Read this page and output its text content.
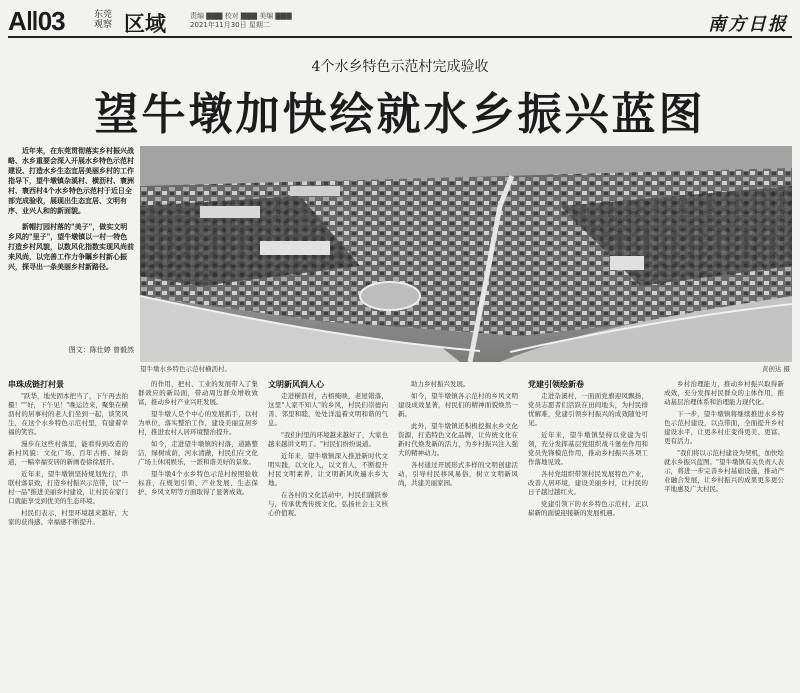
A‖03	东莞观察 区域	责编 ▇▇▇ 校对 ▇▇▇ 美编 ▇▇▇
2021年11月30日 星期二	南方日报
4个水乡特色示范村完成验收
望牛墩加快绘就水乡振兴蓝图

近年来，在东莞贯彻落实乡村振兴战略、水乡重要会深入开展水乡特色示范村建设、打造水乡生态宜居美丽乡村的工作指导下，望牛墩镇杂溪村、横沥村、寰洲村、寰西村4个水乡特色示范村于近日全部完成验收，展现出生态宜居、文明有序、业兴人和的新面貌。

新帽打园村落的"美子"，做实文明乡风的"里子"，望牛墩镇以一村一特色打造乡村风貌，以数风化指数实现风尚前来风尚，以完善工作力争瞩乡村新心振兴，探寻出一条美丽乡村新路径。

图文：陈仕婷 曾毅然
望牛墩水乡特色示范村横沥村。	黄创达 摄
串珠成链打村景

"跃华，地先固本把当了，下午再去拍摄！""好，下午见！"晚运边来，聚集在横沥村的居事村的老人们坐到一起，谈笑风生，在这个水乡特色示范村里，有建着幸福的笑容。

漫步在这些村落里，能看得到改造的新村风貌：文化广场、百年古榕、绿荫道，一幅幸福安居的新画卷徐徐展开。

近年来，望牛墩镇坚持规划先行，串联村落景致，打造乡村振兴示范带，以"一村一品"推进美丽乡村建设，让村民在家门口就能享受到优美的生态环境。

村民们表示，村里环境越来越好，大家的获得感、幸福感不断提升。

的作用，把村、工业的发展带入了集群效应的新局面，带动周边群众增收致富，推动乡村产业兴旺发展。

望牛墩人是个中心的发展抓手，以村为单位，落实整治工作，建设美丽宜居乡村，推进农村人居环境整治提升。

如今，走进望牛墩镇的村落，道路整洁，绿树成荫，河水清澈，村民们在文化广场上休闲娱乐，一派和谐美好的景象。

望牛墩4个水乡特色示范村按照验收标准，在规划引领、产业发展、生态保护、乡风文明等方面取得了显著成效。

文明新风润人心

走进横沥村，古榕掩映，老屋错落，这里"人家不知人"的乡风，村民们崇德向善、邻里和睦，处处洋溢着文明和谐的气息。

"我们村里的环境越来越好了，大家也越来越讲文明了。"村民们纷纷说道。

近年来，望牛墩镇深入推进新时代文明实践，以文化人，以文育人，不断提升村民文明素养，让文明新风吹遍水乡大地。

在各村的文化活动中，村民们踊跃参与，传承优秀传统文化，弘扬社会主义核心价值观。

助力乡村振兴发展。

如今，望牛墩镇各示范村的乡风文明建设成效显著，村民们的精神面貌焕然一新。

此外，望牛墩镇还积极挖掘水乡文化资源，打造特色文化品牌，让传统文化在新时代焕发新的活力，为乡村振兴注入强大的精神动力。

各村通过开展形式多样的文明创建活动，引导村民移风易俗，树立文明新风尚，共建美丽家园。

党建引领绘新卷

走进杂溪村，一面面党旗迎风飘扬，党员志愿者们活跃在田间地头，为村民排忧解难，党建引领乡村振兴的成效随处可见。

近年来，望牛墩镇坚持以党建为引领，充分发挥基层党组织战斗堡垒作用和党员先锋模范作用，推动乡村振兴各项工作落地见效。

各村党组织带领村民发展特色产业，改善人居环境，建设美丽乡村，让村民的日子越过越红火。

党建引领下的水乡特色示范村，正以崭新的面貌迎接新的发展机遇。

乡村治理能力，推动乡村振兴取得新成效，充分发挥村民群众的主体作用，推动基层治理体系和治理能力现代化。

下一步，望牛墩镇将继续推进水乡特色示范村建设，以点带面，全面提升乡村建设水平，让更多村庄变得更美、更富、更有活力。

"我们将以示范村建设为契机，加快绘就水乡振兴蓝图。"望牛墩镇有关负责人表示，将进一步完善乡村基础设施，推动产业融合发展，让乡村振兴的成果更多更公平地惠及广大村民。
